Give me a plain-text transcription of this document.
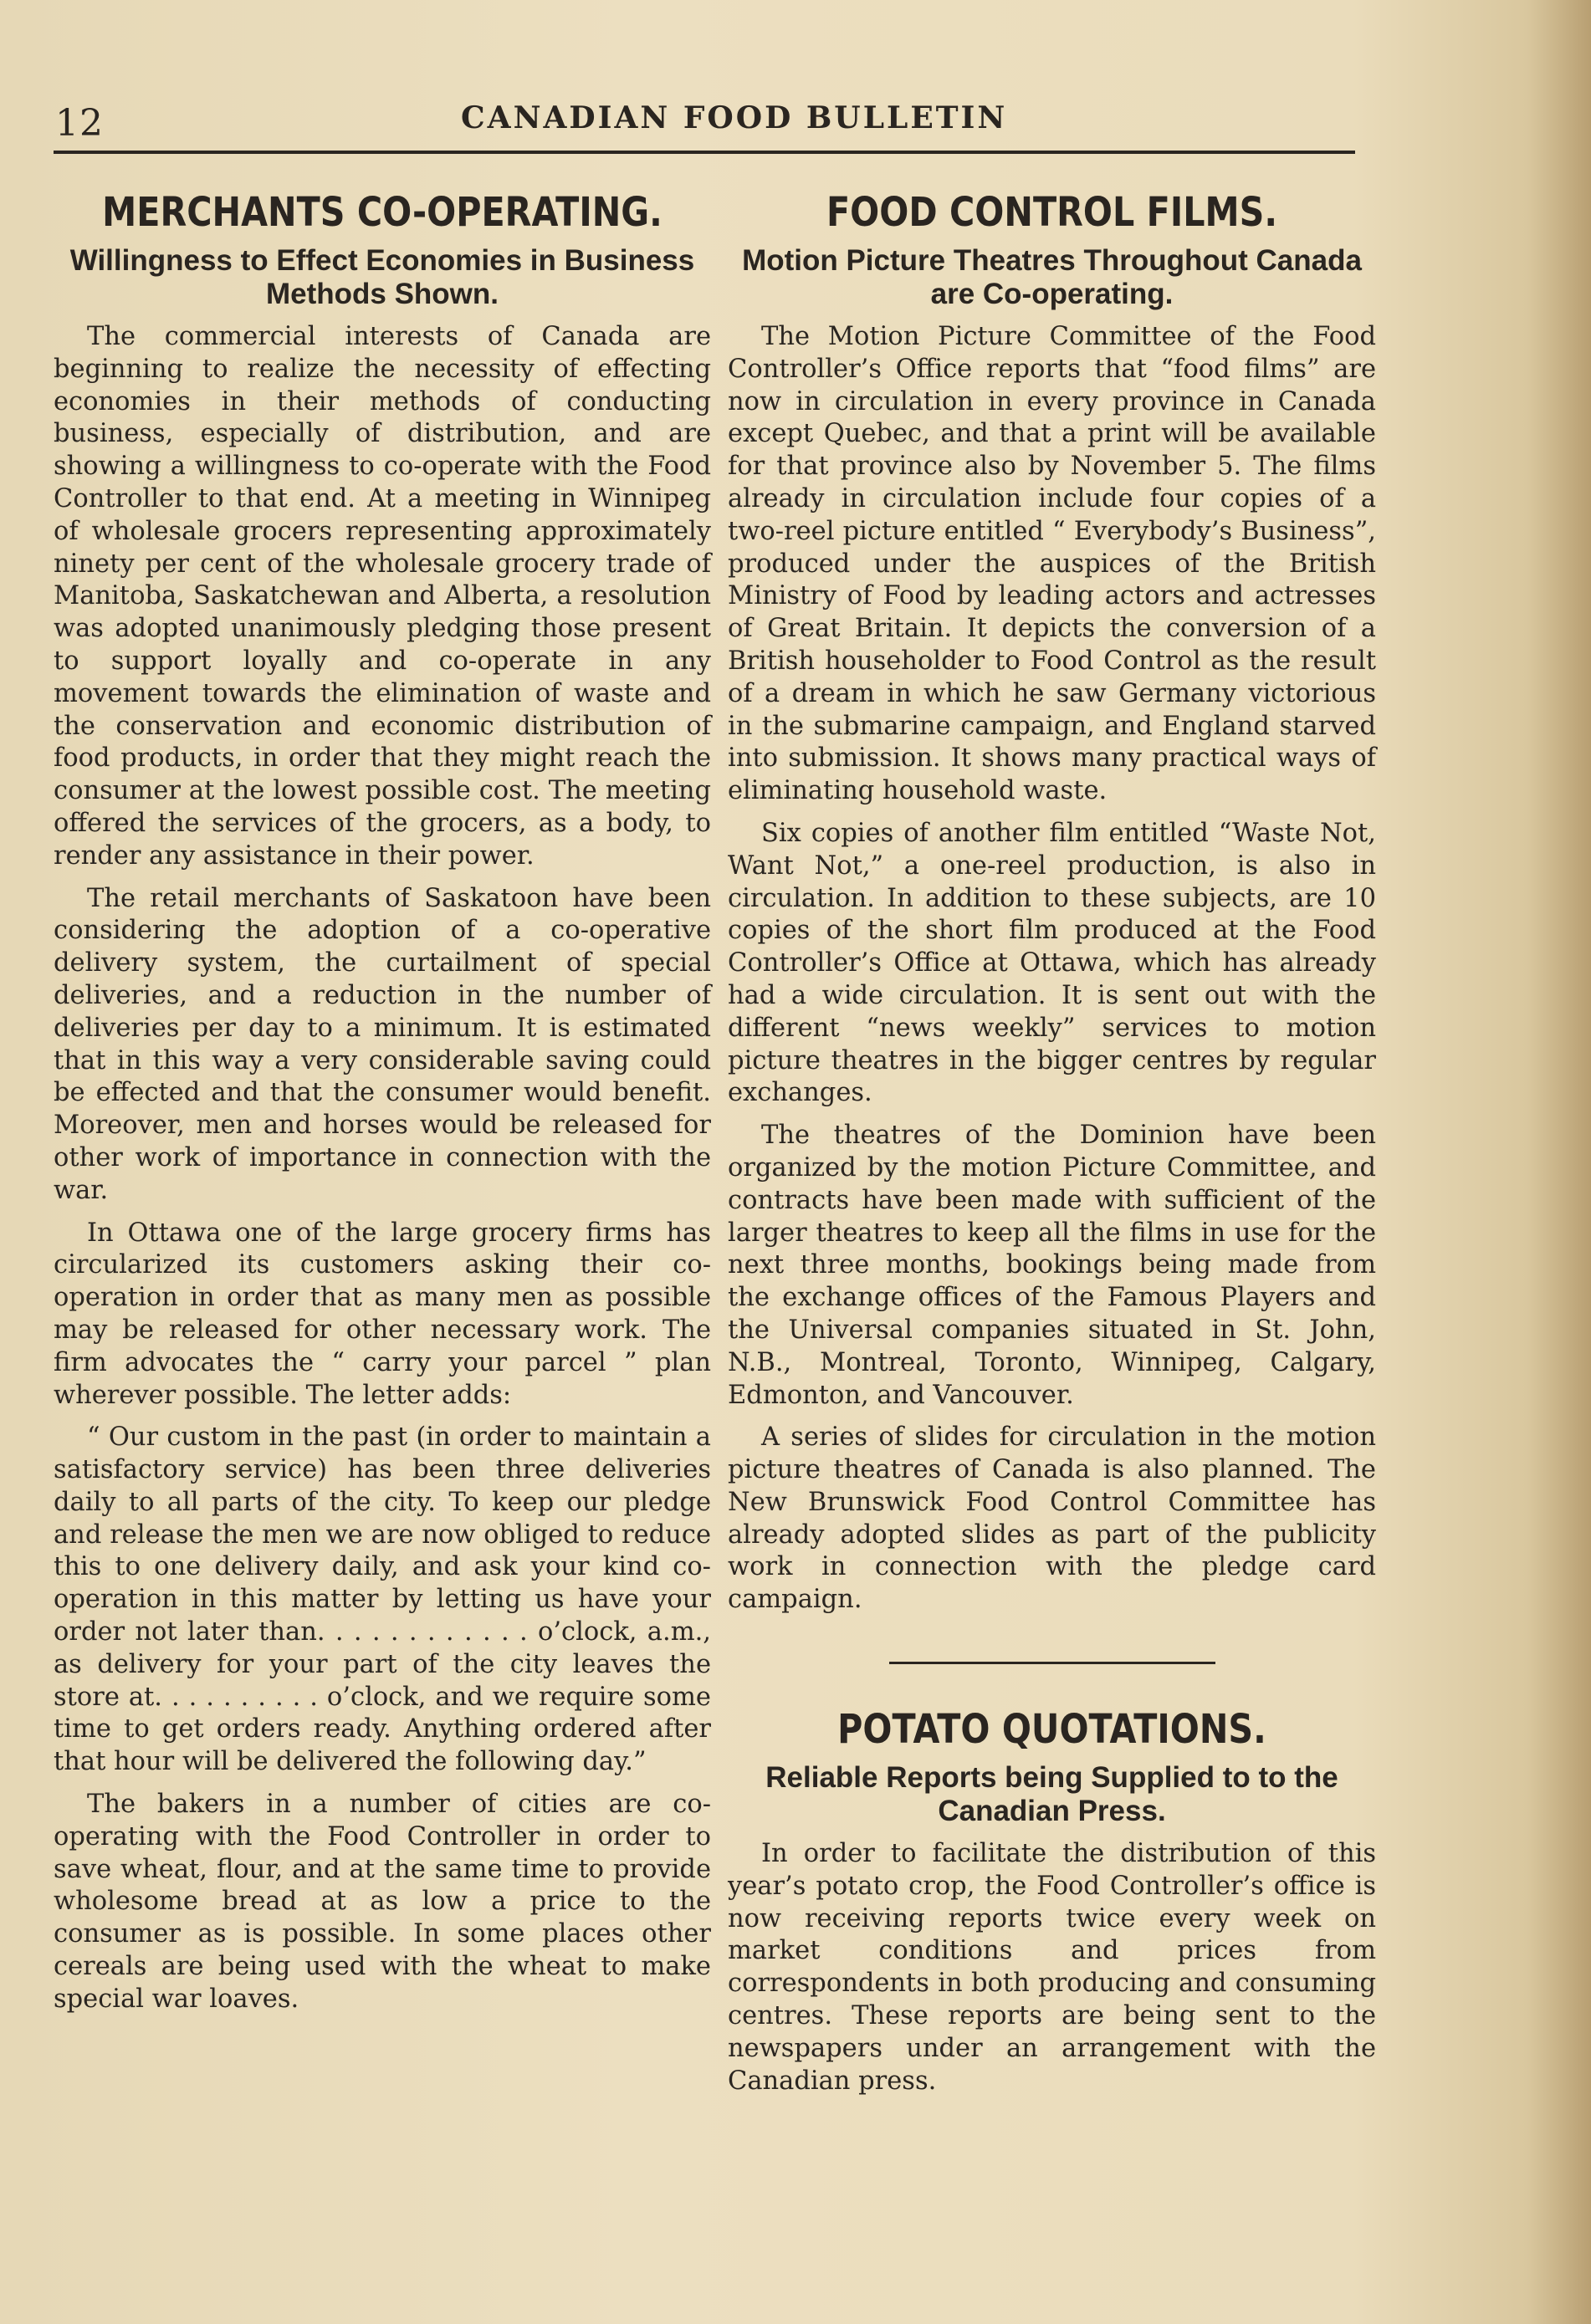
12	CANADIAN FOOD BULLETIN
MERCHANTS CO-OPERATING.
Willingness to Effect Economies in Business Methods Shown.

The commercial interests of Canada are beginning to realize the necessity of effecting economies in their methods of conducting business, especially of distribution, and are showing a willingness to co-operate with the Food Controller to that end. At a meeting in Winnipeg of wholesale grocers representing approximately ninety per cent of the wholesale grocery trade of Manitoba, Saskatchewan and Alberta, a resolution was adopted unanimously pledging those present to support loyally and co-operate in any movement towards the elimination of waste and the conservation and economic distribution of food products, in order that they might reach the consumer at the lowest possible cost. The meeting offered the services of the grocers, as a body, to render any assistance in their power.

The retail merchants of Saskatoon have been considering the adoption of a co-operative delivery system, the curtailment of special deliveries, and a reduction in the number of deliveries per day to a minimum. It is estimated that in this way a very considerable saving could be effected and that the consumer would benefit. Moreover, men and horses would be released for other work of importance in connection with the war.

In Ottawa one of the large grocery firms has circularized its customers asking their co-operation in order that as many men as possible may be released for other necessary work. The firm advocates the “ carry your parcel ” plan wherever possible. The letter adds:

“ Our custom in the past (in order to maintain a satisfactory service) has been three deliveries daily to all parts of the city. To keep our pledge and release the men we are now obliged to reduce this to one delivery daily, and ask your kind co-operation in this matter by letting us have your order not later than. . . . . . . . . . . . o’clock, a.m., as delivery for your part of the city leaves the store at. . . . . . . . . . o’clock, and we require some time to get orders ready. Anything ordered after that hour will be delivered the following day.”

The bakers in a number of cities are co-operating with the Food Controller in order to save wheat, flour, and at the same time to provide wholesome bread at as low a price to the consumer as is possible. In some places other cereals are being used with the wheat to make special war loaves.

FOOD CONTROL FILMS.
Motion Picture Theatres Throughout Canada are Co-operating.

The Motion Picture Committee of the Food Controller’s Office reports that “food films” are now in circulation in every province in Canada except Quebec, and that a print will be available for that province also by November 5. The films already in circulation include four copies of a two-reel picture entitled “ Everybody’s Business”, produced under the auspices of the British Ministry of Food by leading actors and actresses of Great Britain. It depicts the conversion of a British householder to Food Control as the result of a dream in which he saw Germany victorious in the submarine campaign, and England starved into submission. It shows many practical ways of eliminating household waste.

Six copies of another film entitled “Waste Not, Want Not,” a one-reel production, is also in circulation. In addition to these subjects, are 10 copies of the short film produced at the Food Controller’s Office at Ottawa, which has already had a wide circulation. It is sent out with the different “news weekly” services to motion picture theatres in the bigger centres by regular exchanges.

The theatres of the Dominion have been organized by the motion Picture Committee, and contracts have been made with sufficient of the larger theatres to keep all the films in use for the next three months, bookings being made from the exchange offices of the Famous Players and the Universal companies situated in St. John, N.B., Montreal, Toronto, Winnipeg, Calgary, Edmonton, and Vancouver.

A series of slides for circulation in the motion picture theatres of Canada is also planned. The New Brunswick Food Control Committee has already adopted slides as part of the publicity work in connection with the pledge card campaign.

POTATO QUOTATIONS.
Reliable Reports being Supplied to to the Canadian Press.

In order to facilitate the distribution of this year’s potato crop, the Food Controller’s office is now receiving reports twice every week on market conditions and prices from correspondents in both producing and consuming centres. These reports are being sent to the newspapers under an arrangement with the Canadian press.
